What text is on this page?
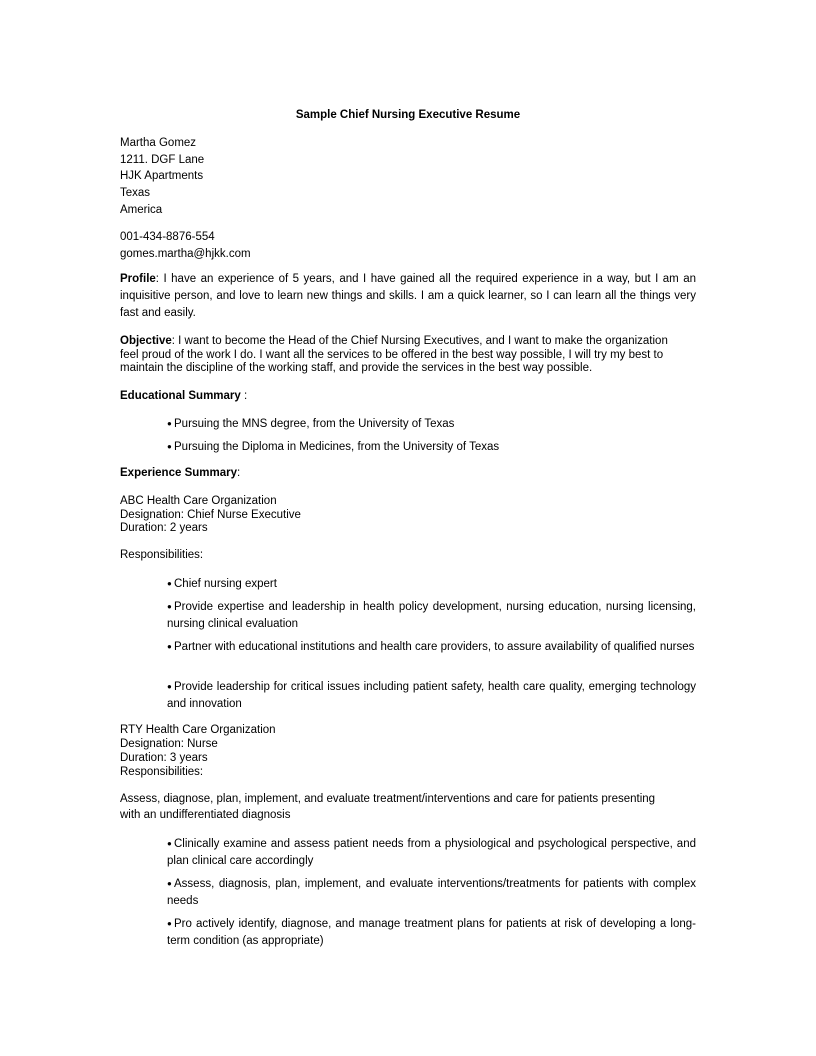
Sample Chief Nursing Executive Resume
Martha Gomez
1211. DGF Lane
HJK Apartments
Texas
America
001-434-8876-554
gomes.martha@hjkk.com
Profile: I have an experience of 5 years, and I have gained all the required experience in a way, but I am an inquisitive person, and love to learn new things and skills. I am a quick learner, so I can learn all the things very fast and easily.
Objective: I want to become the Head of the Chief Nursing Executives, and I want to make the organization
feel proud of the work I do. I want all the services to be offered in the best way possible, I will try my best to
maintain the discipline of the working staff, and provide the services in the best way possible.
Educational Summary :
● Pursuing the MNS degree, from the University of Texas
● Pursuing the Diploma in Medicines, from the University of Texas
Experience Summary:
ABC Health Care Organization
Designation: Chief Nurse Executive
Duration: 2 years
Responsibilities:
● Chief nursing expert
● Provide expertise and leadership in health policy development, nursing education, nursing licensing, nursing clinical evaluation
● Partner with educational institutions and health care providers, to assure availability of qualified nurses
● Provide leadership for critical issues including patient safety, health care quality, emerging technology and innovation
RTY Health Care Organization
Designation: Nurse
Duration: 3 years
Responsibilities:
Assess, diagnose, plan, implement, and evaluate treatment/interventions and care for patients presenting
with an undifferentiated diagnosis
● Clinically examine and assess patient needs from a physiological and psychological perspective, and plan clinical care accordingly
● Assess, diagnosis, plan, implement, and evaluate interventions/treatments for patients with complex needs
● Pro actively identify, diagnose, and manage treatment plans for patients at risk of developing a long-term condition (as appropriate)
